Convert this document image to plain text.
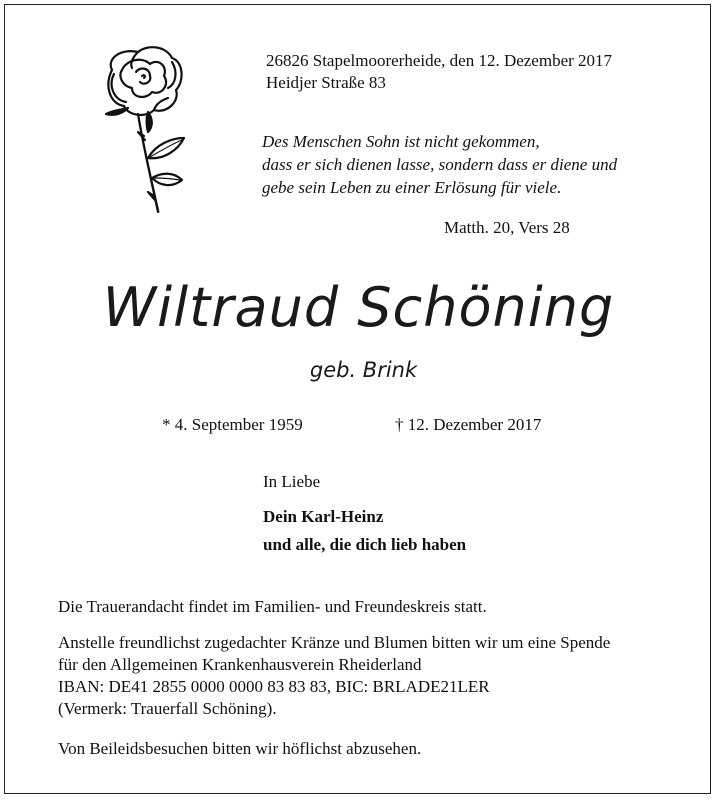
26826 Stapelmoorerheide, den 12. Dezember 2017
Heidjer Straße 83
Des Menschen Sohn ist nicht gekommen,
dass er sich dienen lasse, sondern dass er diene und
gebe sein Leben zu einer Erlösung für viele.
Matth. 20, Vers 28
Wiltraud Schöning
geb. Brink
* 4. September 1959	† 12. Dezember 2017
In Liebe
Dein Karl-Heinz
und alle, die dich lieb haben
Die Trauerandacht findet im Familien- und Freundeskreis statt.
Anstelle freundlichst zugedachter Kränze und Blumen bitten wir um eine Spende
für den Allgemeinen Krankenhausverein Rheiderland
IBAN: DE41 2855 0000 0000 83 83 83, BIC: BRLADE21LER
(Vermerk: Trauerfall Schöning).
Von Beileidsbesuchen bitten wir höflichst abzusehen.
